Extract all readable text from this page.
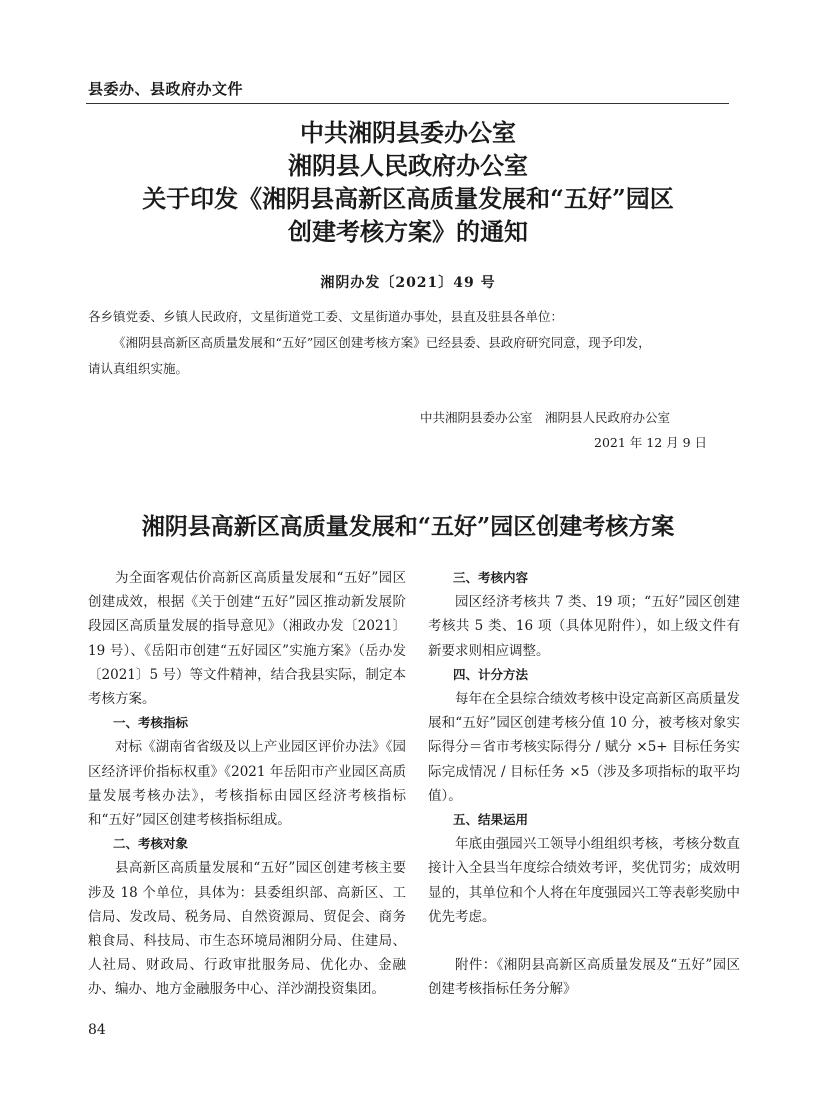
县委办、县政府办文件
中共湘阴县委办公室
湘阴县人民政府办公室
关于印发《湘阴县高新区高质量发展和“五好”园区
创建考核方案》的通知
湘阴办发〔2021〕49 号
各乡镇党委、乡镇人民政府，文星街道党工委、文星街道办事处，县直及驻县各单位：
《湘阴县高新区高质量发展和“五好”园区创建考核方案》已经县委、县政府研究同意，现予印发，
请认真组织实施。
中共湘阴县委办公室　湘阴县人民政府办公室
2021 年 12 月 9 日
湘阴县高新区高质量发展和“五好”园区创建考核方案

为全面客观估价高新区高质量发展和“五好”园区创建成效，根据《关于创建“五好”园区推动新发展阶段园区高质量发展的指导意见》（湘政办发〔2021〕19 号）、《岳阳市创建“五好园区”实施方案》（岳办发〔2021〕5 号）等文件精神，结合我县实际，制定本考核方案。

一、考核指标

对标《湖南省省级及以上产业园区评价办法》《园区经济评价指标权重》《2021 年岳阳市产业园区高质量发展考核办法》，考核指标由园区经济考核指标和“五好”园区创建考核指标组成。

二、考核对象

县高新区高质量发展和“五好”园区创建考核主要涉及 18 个单位，具体为：县委组织部、高新区、工信局、发改局、税务局、自然资源局、贸促会、商务粮食局、科技局、市生态环境局湘阴分局、住建局、人社局、财政局、行政审批服务局、优化办、金融办、编办、地方金融服务中心、洋沙湖投资集团。

三、考核内容

园区经济考核共 7 类、19 项；“五好”园区创建考核共 5 类、16 项（具体见附件），如上级文件有新要求则相应调整。

四、计分方法

每年在全县综合绩效考核中设定高新区高质量发展和“五好”园区创建考核分值 10 分，被考核对象实际得分＝省市考核实际得分 / 赋分 ×5+ 目标任务实际完成情况 / 目标任务 ×5（涉及多项指标的取平均值）。

五、结果运用

年底由强园兴工领导小组组织考核，考核分数直接计入全县当年度综合绩效考评，奖优罚劣；成效明显的，其单位和个人将在年度强园兴工等表彰奖励中优先考虑。

附件：《湘阴县高新区高质量发展及“五好”园区创建考核指标任务分解》

84
